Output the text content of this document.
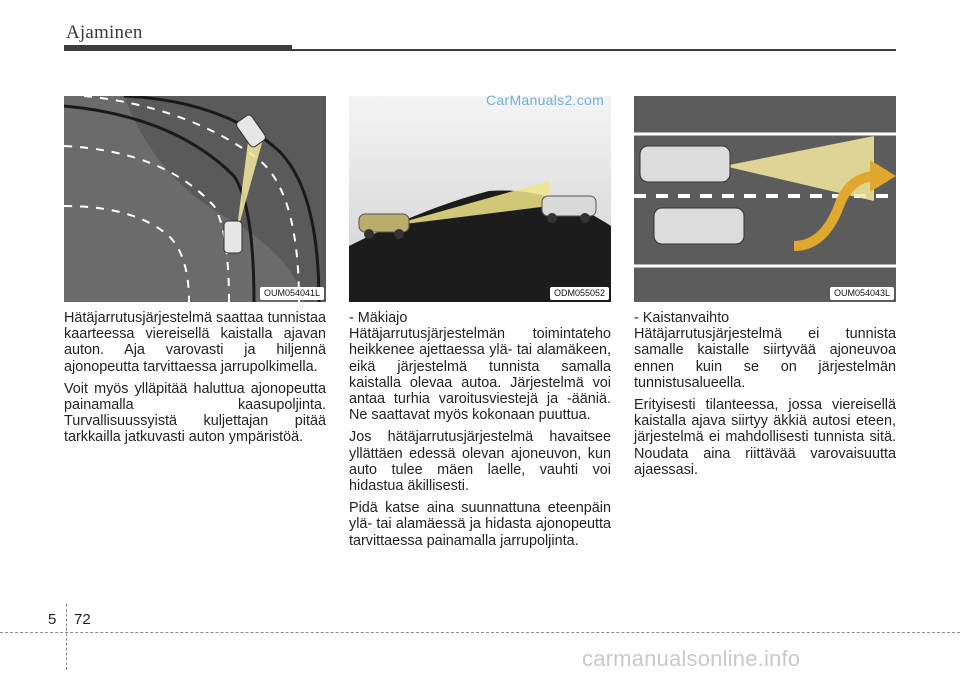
Ajaminen
OUM054041L	ODM055052
CarManuals2.com
OUM054043L

Hätäjarrutusjärjestelmä saattaa tunnistaa kaarteessa viereisellä kaistalla ajavan auton. Aja varovasti ja hiljennä ajonopeutta tarvittaessa jarrupolkimella.

Voit myös ylläpitää haluttua ajonopeutta painamalla kaasupoljinta. Turvallisuussyistä kuljettajan pitää tarkkailla jatkuvasti auton ympäristöä.

- Mäkiajo

Hätäjarrutusjärjestelmän toimintateho heikkenee ajettaessa ylä- tai alamäkeen, eikä järjestelmä tunnista samalla kaistalla olevaa autoa. Järjestelmä voi antaa turhia varoitusviestejä ja -ääniä. Ne saattavat myös kokonaan puuttua.

Jos hätäjarrutusjärjestelmä havaitsee yllättäen edessä olevan ajoneuvon, kun auto tulee mäen laelle, vauhti voi hidastua äkillisesti.

Pidä katse aina suunnattuna eteenpäin ylä- tai alamäessä ja hidasta ajonopeutta tarvittaessa painamalla jarrupoljinta.

- Kaistanvaihto

Hätäjarrutusjärjestelmä ei tunnista samalle kaistalle siirtyvää ajoneuvoa ennen kuin se on järjestelmän tunnistusalueella.

Erityisesti tilanteessa, jossa viereisellä kaistalla ajava siirtyy äkkiä autosi eteen, järjestelmä ei mahdollisesti tunnista sitä. Noudata aina riittävää varovaisuutta ajaessasi.

5 72
carmanualsonline.info
